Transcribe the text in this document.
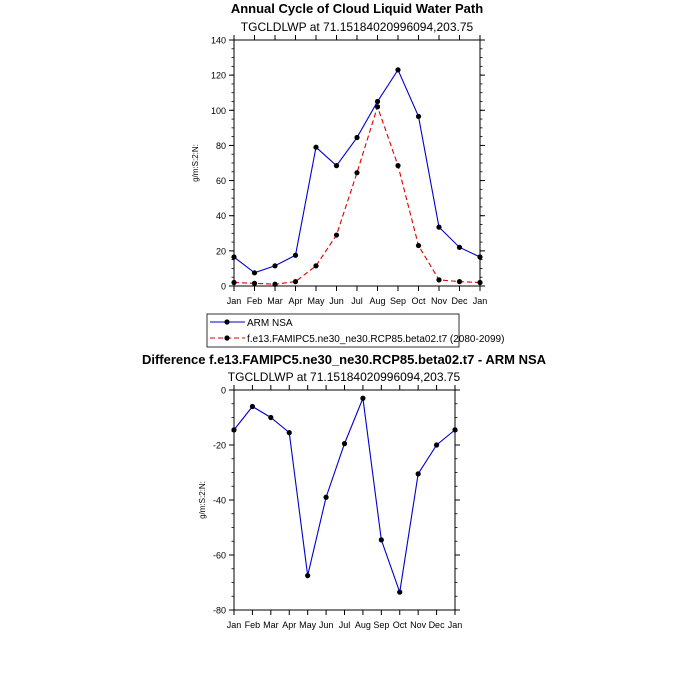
Annual Cycle of Cloud Liquid Water Path
TGCLDLWP at 71.15184020996094,203.75
g/m:S:2:N:
0
20
40
60
80
100
120
140
Jan Feb Mar Apr May Jun Jul Aug Sep Oct Nov Dec Jan
ARM NSA
f.e13.FAMIPC5.ne30_ne30.RCP85.beta02.t7 (2080-2099)
Difference f.e13.FAMIPC5.ne30_ne30.RCP85.beta02.t7 - ARM NSA
TGCLDLWP at 71.15184020996094,203.75
g/m:S:2:N:
-80
-60
-40
-20
0
Jan Feb Mar Apr May Jun Jul Aug Sep Oct Nov Dec Jan
